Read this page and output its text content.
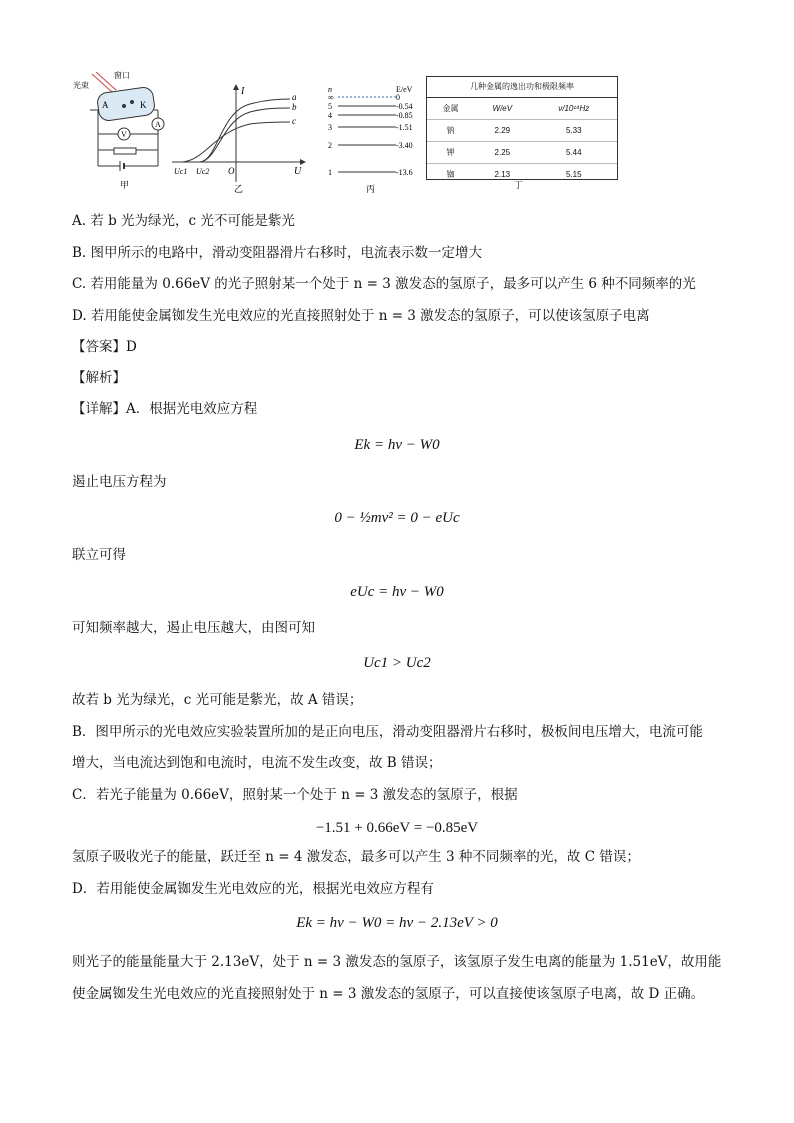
光束
窗口
A	K
A
V
甲
I
U
O
Uc1 Uc2
a
b
c
乙
n	E/eV
∞	0
5	-0.54
4	-0.85
3	-1.51
2	-3.40
1	-13.6
丙
几种金属的逸出功和极限频率
金属	W/eV	ν/10¹⁴Hz
钠	2.29	5.33
钾	2.25	5.44
铷	2.13	5.15
丁
A. 若 b 光为绿光，c 光不可能是紫光
B. 图甲所示的电路中，滑动变阻器滑片右移时，电流表示数一定增大
C. 若用能量为 0.66eV 的光子照射某一个处于 n = 3 激发态的氢原子，最多可以产生 6 种不同频率的光
D. 若用能使金属铷发生光电效应的光直接照射处于 n = 3 激发态的氢原子，可以使该氢原子电离
【答案】D
【解析】
【详解】A．根据光电效应方程
Ek = hν − W0
遏止电压方程为
0 − ½mv² = 0 − eUc
联立可得
eUc = hν − W0
可知频率越大，遏止电压越大，由图可知
Uc1 > Uc2
故若 b 光为绿光，c 光可能是紫光，故 A 错误；
B．图甲所示的光电效应实验装置所加的是正向电压，滑动变阻器滑片右移时，极板间电压增大，电流可能
增大，当电流达到饱和电流时，电流不发生改变，故 B 错误；
C．若光子能量为 0.66eV，照射某一个处于 n = 3 激发态的氢原子，根据
−1.51 + 0.66eV = −0.85eV
氢原子吸收光子的能量，跃迁至 n = 4 激发态，最多可以产生 3 种不同频率的光，故 C 错误；
D．若用能使金属铷发生光电效应的光，根据光电效应方程有
Ek = hν − W0 = hν − 2.13eV > 0
则光子的能量能量大于 2.13eV，处于 n = 3 激发态的氢原子，该氢原子发生电离的能量为 1.51eV，故用能
使金属铷发生光电效应的光直接照射处于 n = 3 激发态的氢原子，可以直接使该氢原子电离，故 D 正确。
